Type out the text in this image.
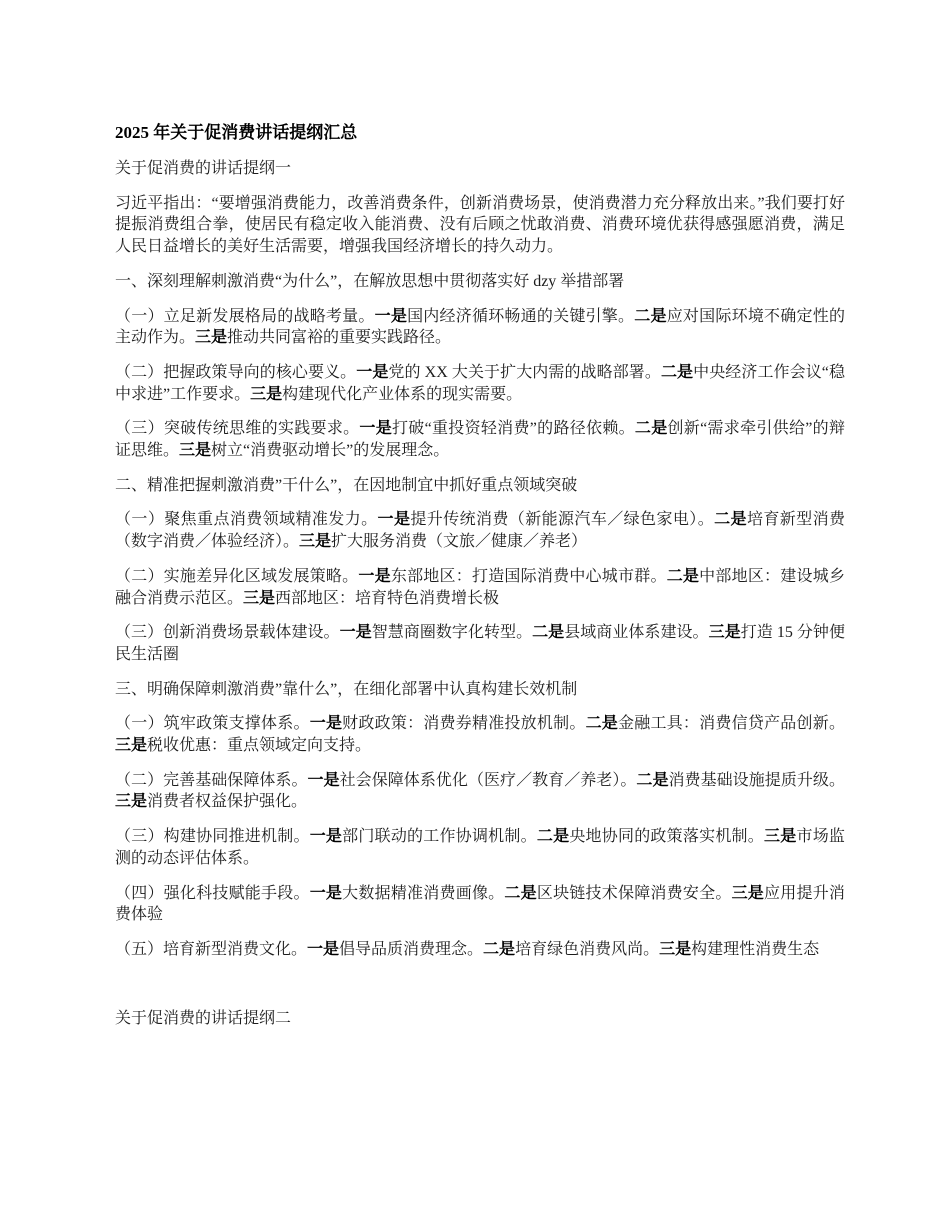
2025 年关于促消费讲话提纲汇总

关于促消费的讲话提纲一

习近平指出：“要增强消费能力，改善消费条件，创新消费场景，使消费潜力充分释放出来。”我们要打好提振消费组合拳，使居民有稳定收入能消费、没有后顾之忧敢消费、消费环境优获得感强愿消费，满足人民日益增长的美好生活需要，增强我国经济增长的持久动力。

一、深刻理解刺激消费“为什么”，在解放思想中贯彻落实好 dzy 举措部署

（一）立足新发展格局的战略考量。一是国内经济循环畅通的关键引擎。二是应对国际环境不确定性的主动作为。三是推动共同富裕的重要实践路径。

（二）把握政策导向的核心要义。一是党的 XX 大关于扩大内需的战略部署。二是中央经济工作会议“稳中求进”工作要求。三是构建现代化产业体系的现实需要。

（三）突破传统思维的实践要求。一是打破“重投资轻消费”的路径依赖。二是创新“需求牵引供给”的辩证思维。三是树立“消费驱动增长”的发展理念。

二、精准把握刺激消费”干什么”，在因地制宜中抓好重点领域突破

（一）聚焦重点消费领域精准发力。一是提升传统消费（新能源汽车／绿色家电）。二是培育新型消费（数字消费／体验经济）。三是扩大服务消费（文旅／健康／养老）

（二）实施差异化区域发展策略。一是东部地区：打造国际消费中心城市群。二是中部地区：建设城乡融合消费示范区。三是西部地区：培育特色消费增长极

（三）创新消费场景载体建设。一是智慧商圈数字化转型。二是县域商业体系建设。三是打造 15 分钟便民生活圈

三、明确保障刺激消费”靠什么”，在细化部署中认真构建长效机制

（一）筑牢政策支撑体系。一是财政政策：消费券精准投放机制。二是金融工具：消费信贷产品创新。三是税收优惠：重点领域定向支持。

（二）完善基础保障体系。一是社会保障体系优化（医疗／教育／养老）。二是消费基础设施提质升级。三是消费者权益保护强化。

（三）构建协同推进机制。一是部门联动的工作协调机制。二是央地协同的政策落实机制。三是市场监测的动态评估体系。

（四）强化科技赋能手段。一是大数据精准消费画像。二是区块链技术保障消费安全。三是应用提升消费体验

（五）培育新型消费文化。一是倡导品质消费理念。二是培育绿色消费风尚。三是构建理性消费生态

关于促消费的讲话提纲二
